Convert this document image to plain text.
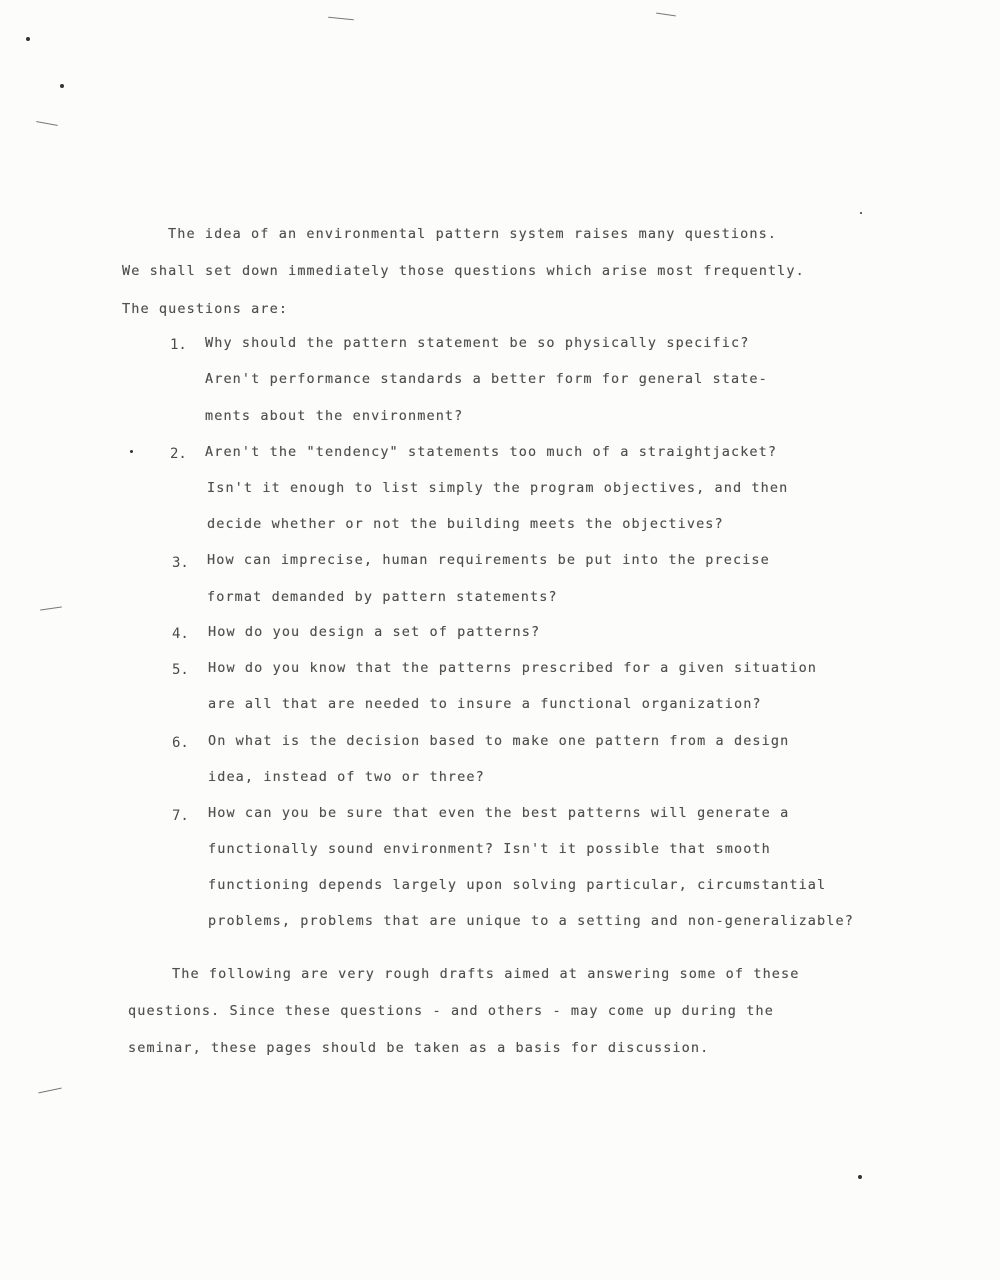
The idea of an environmental pattern system raises many questions.
We shall set down immediately those questions which arise most frequently.
The questions are:
1. Why should the pattern statement be so physically specific?
Aren't performance standards a better form for general state-
ments about the environment?
2. Aren't the "tendency" statements too much of a straightjacket?
Isn't it enough to list simply the program objectives, and then
decide whether or not the building meets the objectives?
3. How can imprecise, human requirements be put into the precise
format demanded by pattern statements?
4. How do you design a set of patterns?
5. How do you know that the patterns prescribed for a given situation
are all that are needed to insure a functional organization?
6. On what is the decision based to make one pattern from a design
idea, instead of two or three?
7. How can you be sure that even the best patterns will generate a
functionally sound environment? Isn't it possible that smooth
functioning depends largely upon solving particular, circumstantial
problems, problems that are unique to a setting and non-generalizable?
The following are very rough drafts aimed at answering some of these
questions. Since these questions - and others - may come up during the
seminar, these pages should be taken as a basis for discussion.
